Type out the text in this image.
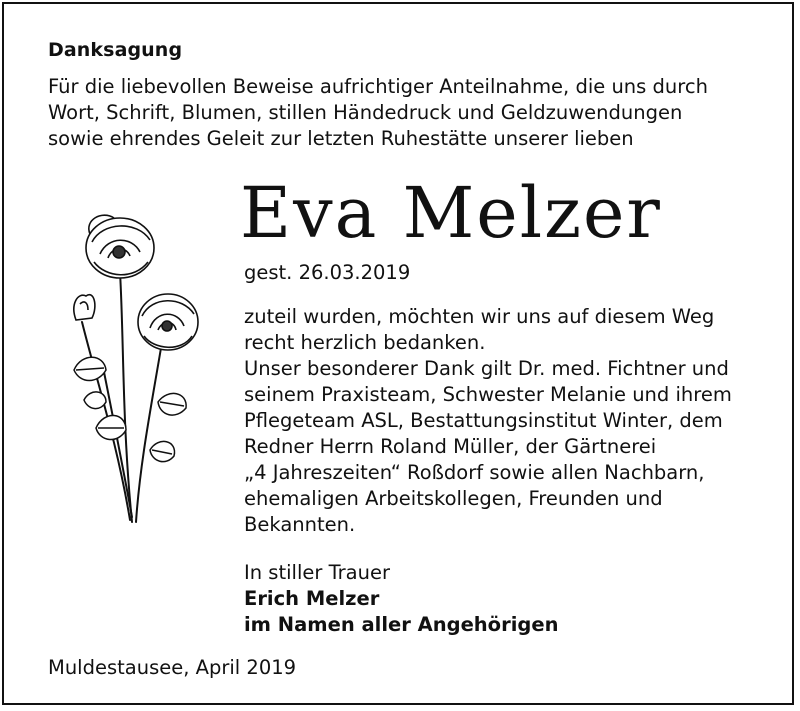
Danksagung
Für die liebevollen Beweise aufrichtiger Anteilnahme, die uns durch
Wort, Schrift, Blumen, stillen Händedruck und Geldzuwendungen
sowie ehrendes Geleit zur letzten Ruhestätte unserer lieben
Eva Melzer
gest. 26.03.2019
zuteil wurden, möchten wir uns auf diesem Weg
recht herzlich bedanken.
Unser besonderer Dank gilt Dr. med. Fichtner und
seinem Praxisteam, Schwester Melanie und ihrem
Pflegeteam ASL, Bestattungsinstitut Winter, dem
Redner Herrn Roland Müller, der Gärtnerei
„4 Jahreszeiten“ Roßdorf sowie allen Nachbarn,
ehemaligen Arbeitskollegen, Freunden und
Bekannten.
In stiller Trauer
Erich Melzer
im Namen aller Angehörigen
Muldestausee, April 2019
